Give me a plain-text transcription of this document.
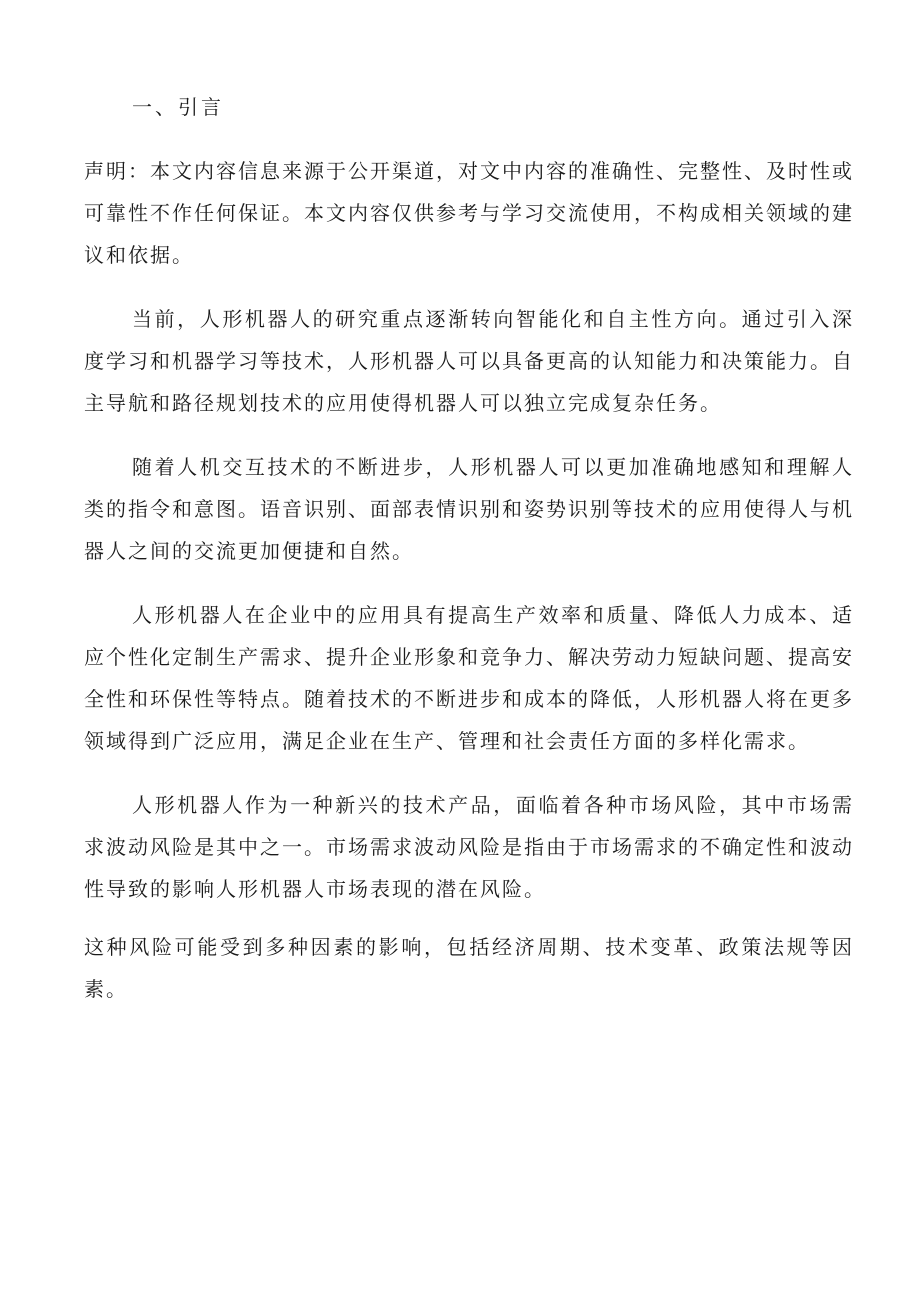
一、引言

声明：本文内容信息来源于公开渠道，对文中内容的准确性、完整性、及时性或可靠性不作任何保证。本文内容仅供参考与学习交流使用，不构成相关领域的建议和依据。

当前，人形机器人的研究重点逐渐转向智能化和自主性方向。通过引入深度学习和机器学习等技术，人形机器人可以具备更高的认知能力和决策能力。自主导航和路径规划技术的应用使得机器人可以独立完成复杂任务。

随着人机交互技术的不断进步，人形机器人可以更加准确地感知和理解人类的指令和意图。语音识别、面部表情识别和姿势识别等技术的应用使得人与机器人之间的交流更加便捷和自然。

人形机器人在企业中的应用具有提高生产效率和质量、降低人力成本、适应个性化定制生产需求、提升企业形象和竞争力、解决劳动力短缺问题、提高安全性和环保性等特点。随着技术的不断进步和成本的降低，人形机器人将在更多领域得到广泛应用，满足企业在生产、管理和社会责任方面的多样化需求。

人形机器人作为一种新兴的技术产品，面临着各种市场风险，其中市场需求波动风险是其中之一。市场需求波动风险是指由于市场需求的不确定性和波动性导致的影响人形机器人市场表现的潜在风险。

这种风险可能受到多种因素的影响，包括经济周期、技术变革、政策法规等因素。
